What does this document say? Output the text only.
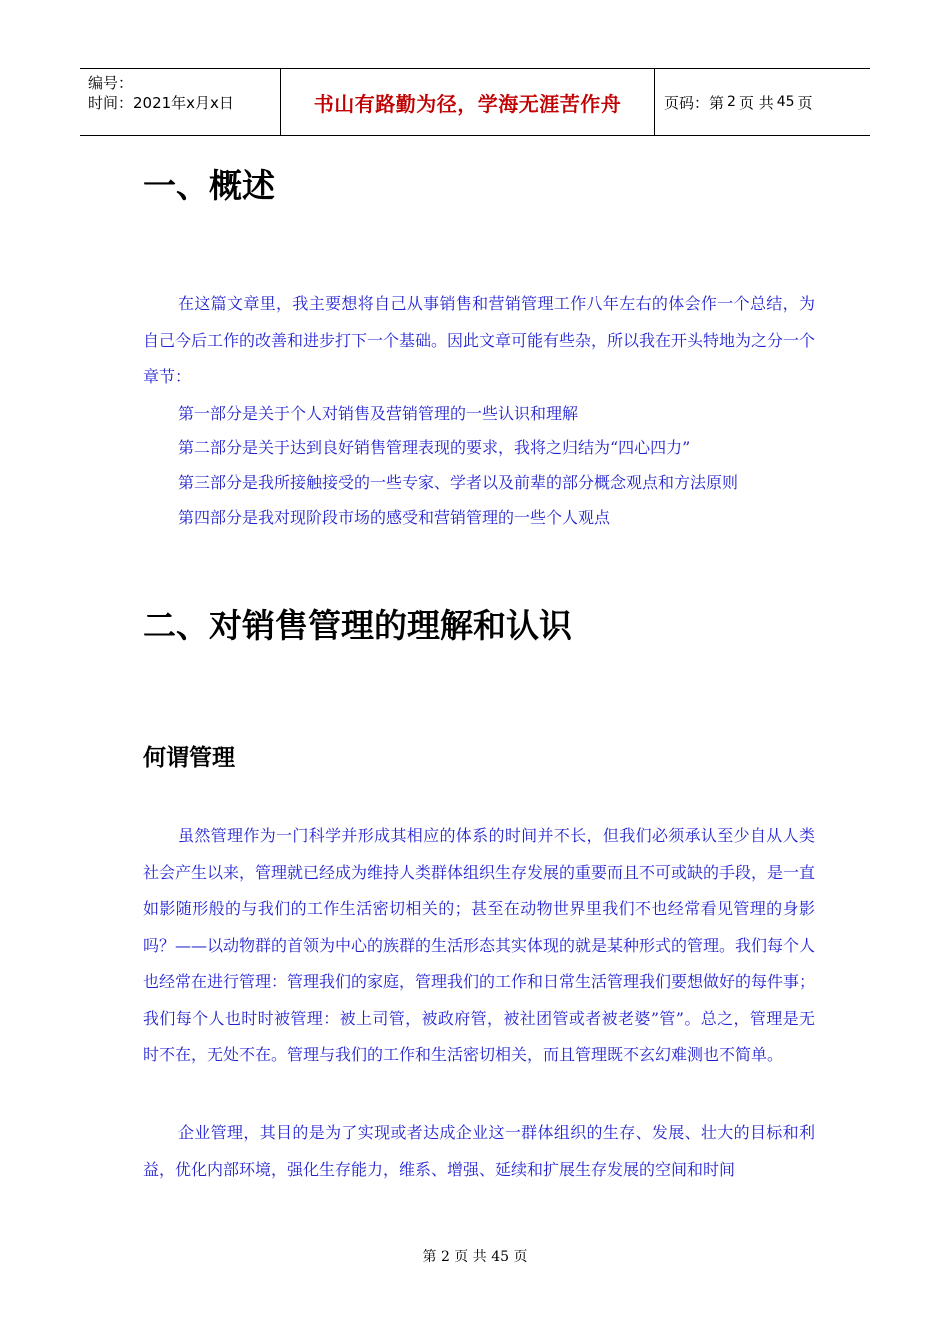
编号：
时间：2021年x月x日	书山有路勤为径，学海无涯苦作舟	页码：第 2 页 共 45 页
一、概述

在这篇文章里，我主要想将自己从事销售和营销管理工作八年左右的体会作一个总结，为自己今后工作的改善和进步打下一个基础。因此文章可能有些杂，所以我在开头特地为之分一个章节：

第一部分是关于个人对销售及营销管理的一些认识和理解

第二部分是关于达到良好销售管理表现的要求，我将之归结为“四心四力”

第三部分是我所接触接受的一些专家、学者以及前辈的部分概念观点和方法原则

第四部分是我对现阶段市场的感受和营销管理的一些个人观点

二、对销售管理的理解和认识
何谓管理

虽然管理作为一门科学并形成其相应的体系的时间并不长，但我们必须承认至少自从人类社会产生以来，管理就已经成为维持人类群体组织生存发展的重要而且不可或缺的手段，是一直如影随形般的与我们的工作生活密切相关的；甚至在动物世界里我们不也经常看见管理的身影吗？——以动物群的首领为中心的族群的生活形态其实体现的就是某种形式的管理。我们每个人也经常在进行管理：管理我们的家庭，管理我们的工作和日常生活管理我们要想做好的每件事；我们每个人也时时被管理：被上司管，被政府管，被社团管或者被老婆”管”。总之，管理是无时不在，无处不在。管理与我们的工作和生活密切相关，而且管理既不玄幻难测也不简单。

企业管理，其目的是为了实现或者达成企业这一群体组织的生存、发展、壮大的目标和利益，优化内部环境，强化生存能力，维系、增强、延续和扩展生存发展的空间和时间

第 2 页 共 45 页
